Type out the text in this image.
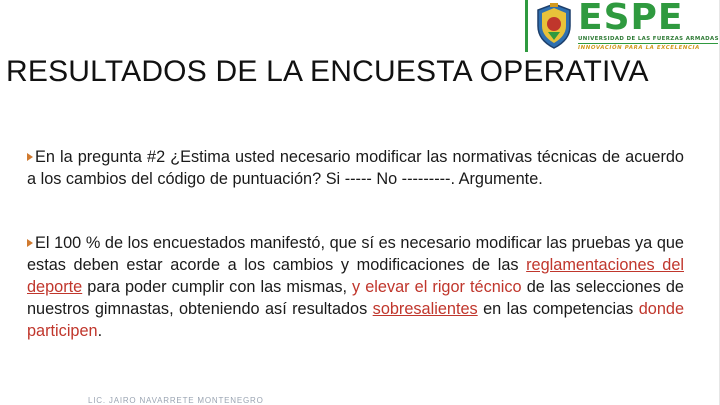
ESPE
UNIVERSIDAD DE LAS FUERZAS ARMADAS
INNOVACIÓN PARA LA EXCELENCIA
RESULTADOS DE LA ENCUESTA OPERATIVA

En la pregunta #2 ¿Estima usted necesario modificar las normativas técnicas de acuerdo a los cambios del código de puntuación? Si ----- No ---------. Argumente.

El 100 % de los encuestados manifestó, que sí es necesario modificar las pruebas ya que estas deben estar acorde a los cambios y modificaciones de las reglamentaciones del deporte para poder cumplir con las mismas, y elevar el rigor técnico de las selecciones de nuestros gimnastas, obteniendo así resultados sobresalientes en las competencias donde participen.

LIC. JAIRO NAVARRETE MONTENEGRO
